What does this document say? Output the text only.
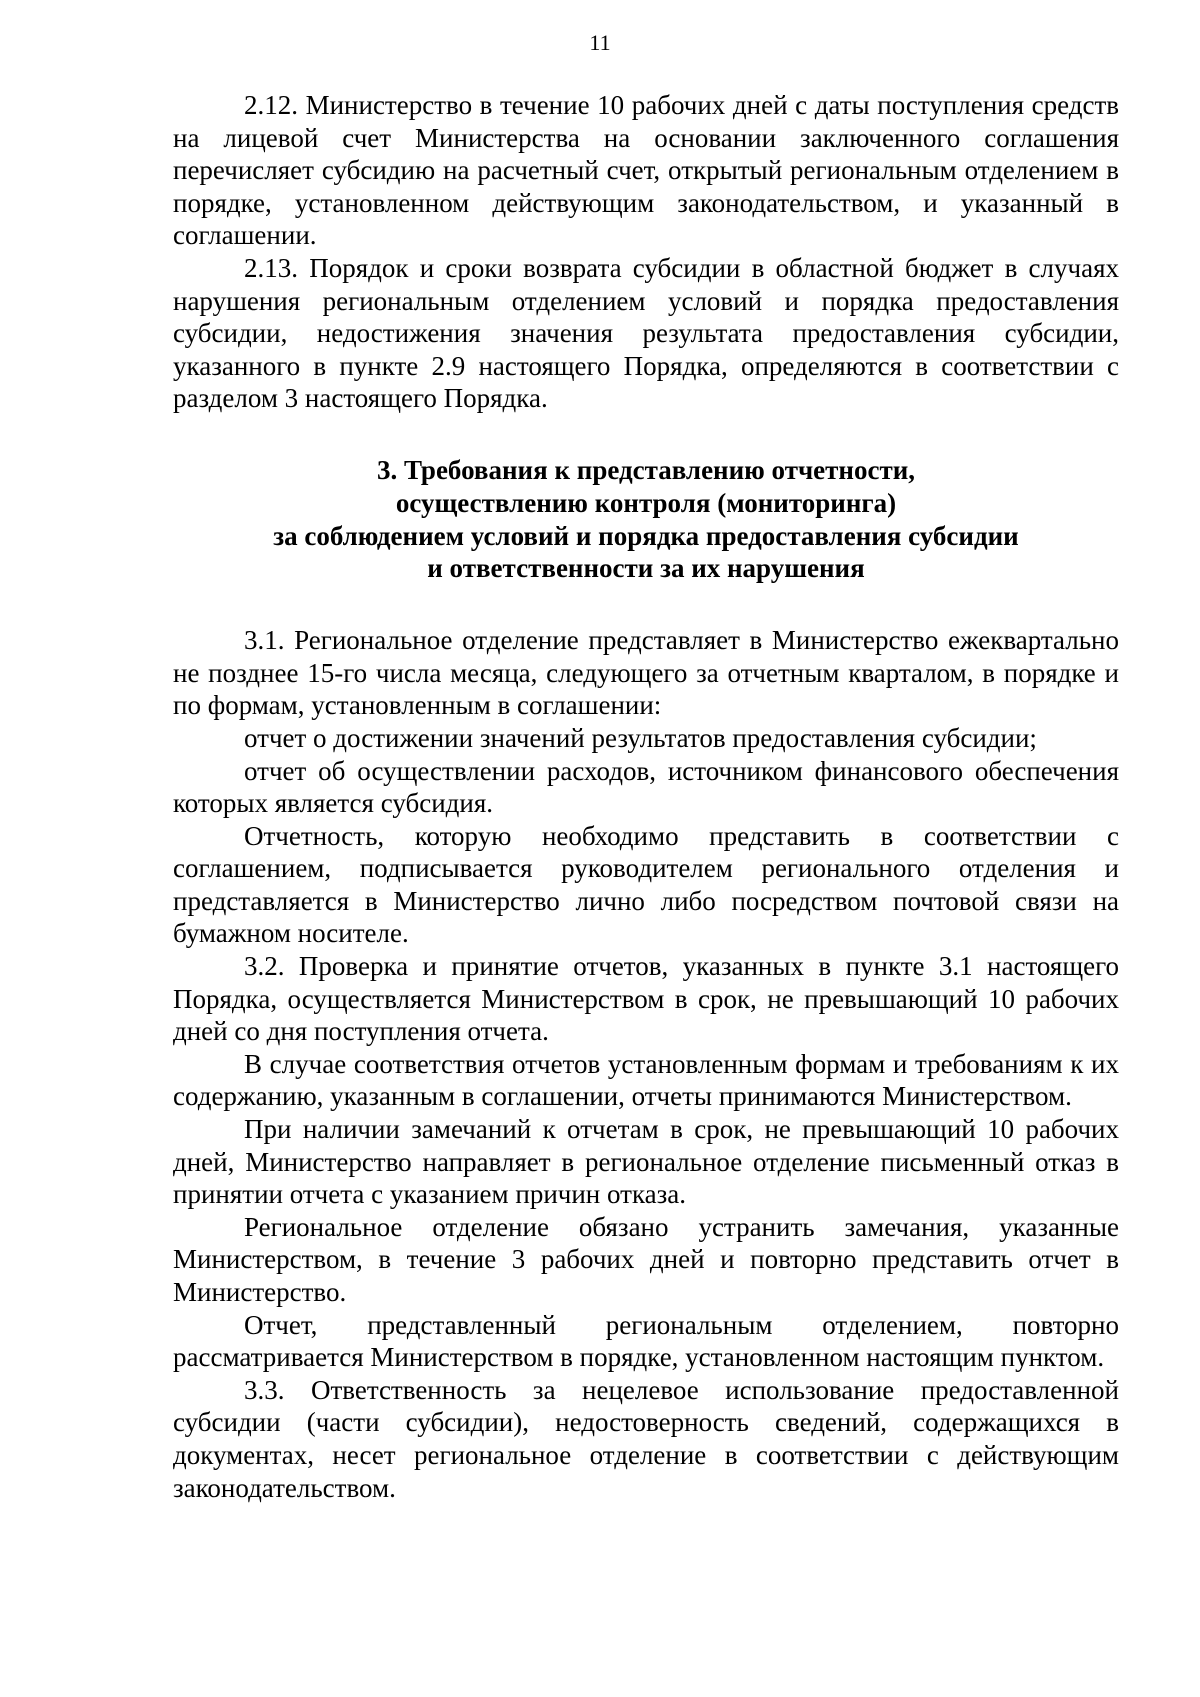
11

2.12. Министерство в течение 10 рабочих дней с даты поступления средств на лицевой счет Министерства на основании заключенного соглашения перечисляет субсидию на расчетный счет, открытый региональным отделением в порядке, установленном действующим законодательством, и указанный в соглашении.

2.13. Порядок и сроки возврата субсидии в областной бюджет в случаях нарушения региональным отделением условий и порядка предоставления субсидии, недостижения значения результата предоставления субсидии, указанного в пункте 2.9 настоящего Порядка, определяются в соответствии с разделом 3 настоящего Порядка.

3. Требования к представлению отчетности,
осуществлению контроля (мониторинга)
за соблюдением условий и порядка предоставления субсидии
и ответственности за их нарушения

3.1. Региональное отделение представляет в Министерство ежеквартально не позднее 15-го числа месяца, следующего за отчетным кварталом, в порядке и по формам, установленным в соглашении:

отчет о достижении значений результатов предоставления субсидии;

отчет об осуществлении расходов, источником финансового обеспечения которых является субсидия.

Отчетность, которую необходимо представить в соответствии с соглашением, подписывается руководителем регионального отделения и представляется в Министерство лично либо посредством почтовой связи на бумажном носителе.

3.2. Проверка и принятие отчетов, указанных в пункте 3.1 настоящего Порядка, осуществляется Министерством в срок, не превышающий 10 рабочих дней со дня поступления отчета.

В случае соответствия отчетов установленным формам и требованиям к их содержанию, указанным в соглашении, отчеты принимаются Министерством.

При наличии замечаний к отчетам в срок, не превышающий 10 рабочих дней, Министерство направляет в региональное отделение письменный отказ в принятии отчета с указанием причин отказа.

Региональное отделение обязано устранить замечания, указанные Министерством, в течение 3 рабочих дней и повторно представить отчет в Министерство.

Отчет, представленный региональным отделением, повторно рассматривается Министерством в порядке, установленном настоящим пунктом.

3.3. Ответственность за нецелевое использование предоставленной субсидии (части субсидии), недостоверность сведений, содержащихся в документах, несет региональное отделение в соответствии с действующим законодательством.
